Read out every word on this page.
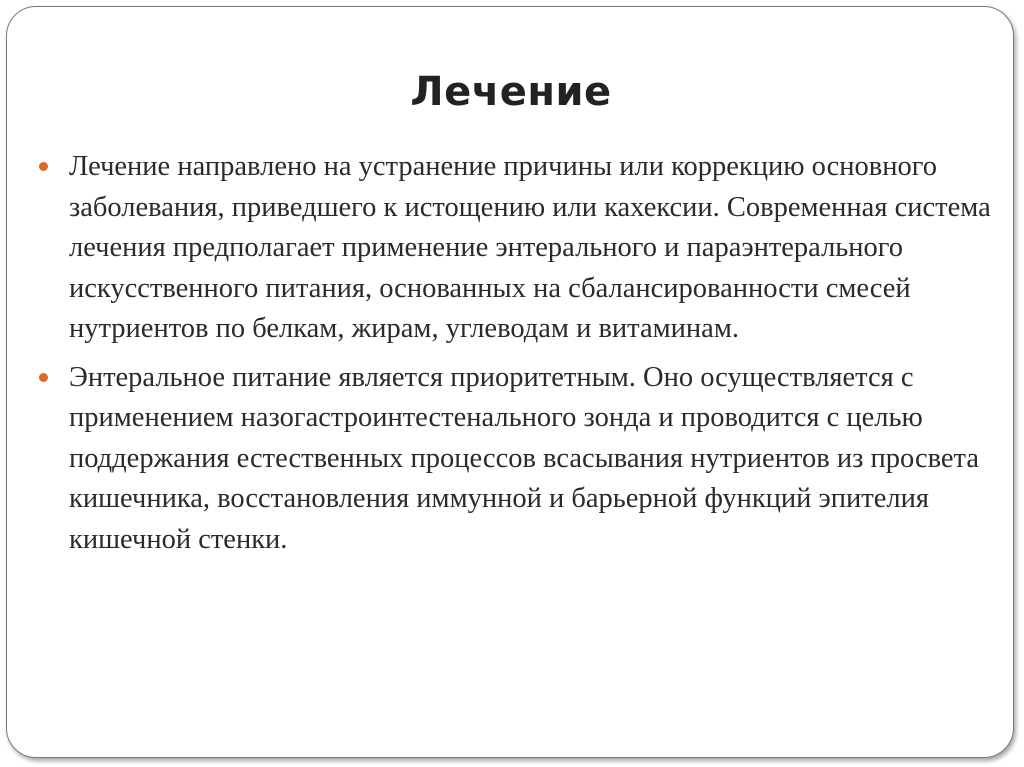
Лечение
Лечение направлено на устранение причины или коррекцию основного заболевания, приведшего к истощению или кахексии. Современная система лечения предполагает применение энтерального и параэнтерального искусственного питания, основанных на сбалансированности смесей нутриентов по белкам, жирам, углеводам и витаминам.
Энтеральное питание является приоритетным. Оно осуществляется с применением назогастроинтестенального зонда и проводится с целью поддержания естественных процессов всасывания нутриентов из просвета кишечника, восстановления иммунной и барьерной функций эпителия кишечной стенки.
